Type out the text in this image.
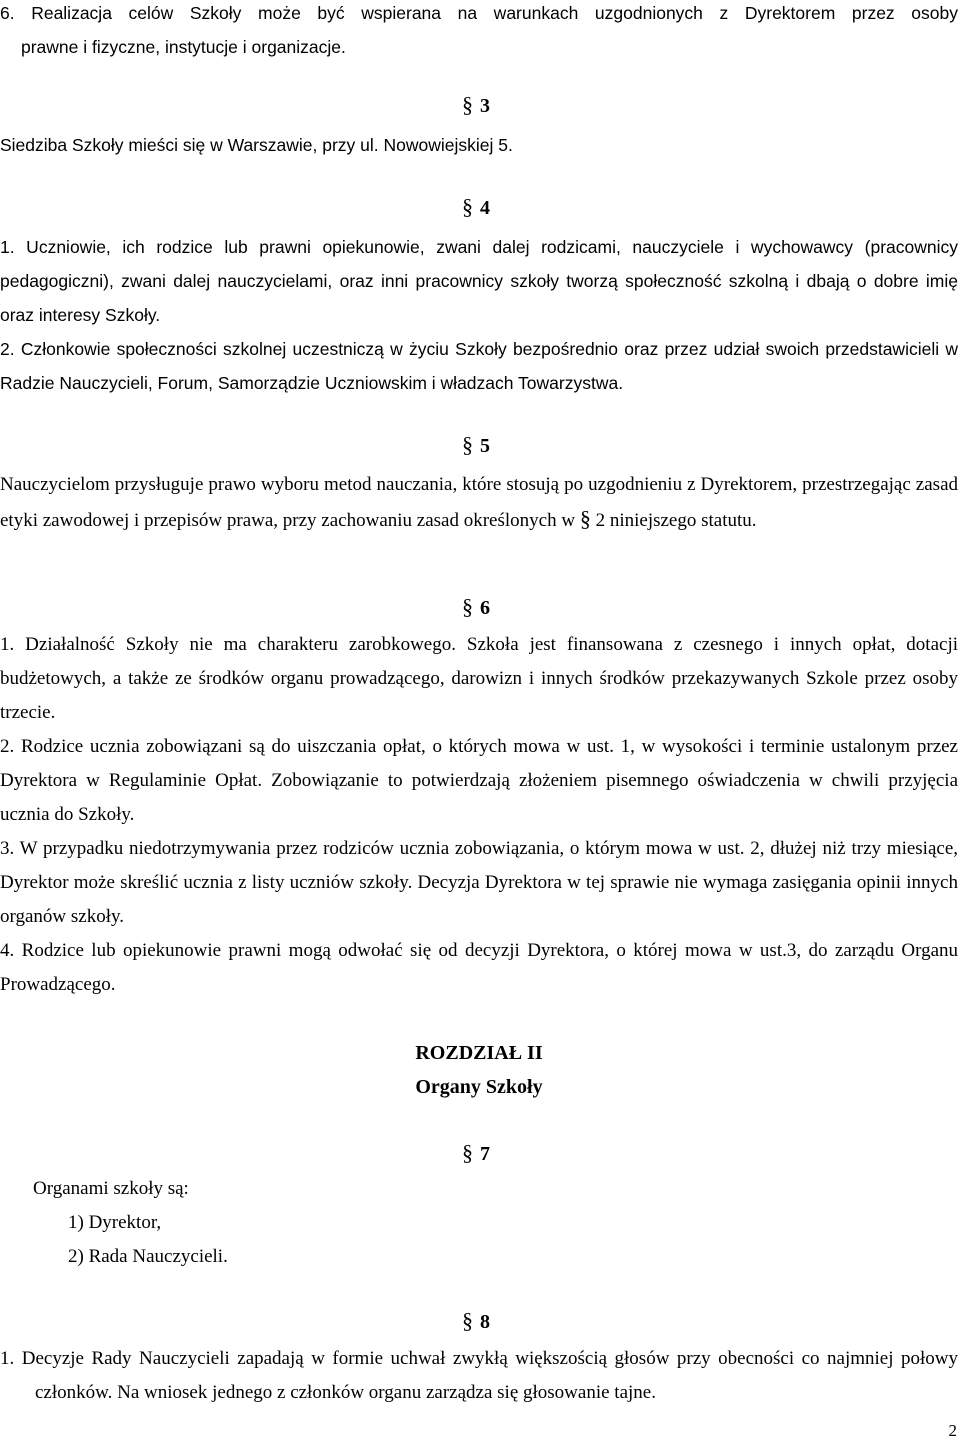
6. Realizacja celów Szkoły może być wspierana na warunkach uzgodnionych z Dyrektorem przez osoby
prawne i fizyczne, instytucje i organizacje.
§ 3
Siedziba Szkoły mieści się w Warszawie, przy ul. Nowowiejskiej 5.
§ 4

1. Uczniowie, ich rodzice lub prawni opiekunowie, zwani dalej rodzicami, nauczyciele i wychowawcy (pracownicy pedagogiczni), zwani dalej nauczycielami, oraz inni pracownicy szkoły tworzą społeczność szkolną i dbają o dobre imię oraz interesy Szkoły.

2. Członkowie społeczności szkolnej uczestniczą w życiu Szkoły bezpośrednio oraz przez udział swoich przedstawicieli w Radzie Nauczycieli, Forum, Samorządzie Uczniowskim i władzach Towarzystwa.

§ 5

Nauczycielom przysługuje prawo wyboru metod nauczania, które stosują po uzgodnieniu z Dyrektorem, przestrzegając zasad etyki zawodowej i przepisów prawa, przy zachowaniu zasad określonych w § 2 niniejszego statutu.

§ 6

1. Działalność Szkoły nie ma charakteru zarobkowego. Szkoła jest finansowana z czesnego i innych opłat, dotacji budżetowych, a także ze środków organu prowadzącego, darowizn i innych środków przekazywanych Szkole przez osoby trzecie.

2. Rodzice ucznia zobowiązani są do uiszczania opłat, o których mowa w ust. 1, w wysokości i terminie ustalonym przez Dyrektora w Regulaminie Opłat. Zobowiązanie to potwierdzają złożeniem pisemnego oświadczenia w chwili przyjęcia ucznia do Szkoły.

3. W przypadku niedotrzymywania przez rodziców ucznia zobowiązania, o którym mowa w ust. 2, dłużej niż trzy miesiące, Dyrektor może skreślić ucznia z listy uczniów szkoły. Decyzja Dyrektora w tej sprawie nie wymaga zasięgania opinii innych organów szkoły.

4. Rodzice lub opiekunowie prawni mogą odwołać się od decyzji Dyrektora, o której mowa w ust.3, do zarządu Organu Prowadzącego.

ROZDZIAŁ II
Organy Szkoły
§ 7
Organami szkoły są:
1) Dyrektor,
2) Rada Nauczycieli.
§ 8

1. Decyzje Rady Nauczycieli zapadają w formie uchwał zwykłą większością głosów przy obecności co najmniej połowy członków. Na wniosek jednego z członków organu zarządza się głosowanie tajne.

2
